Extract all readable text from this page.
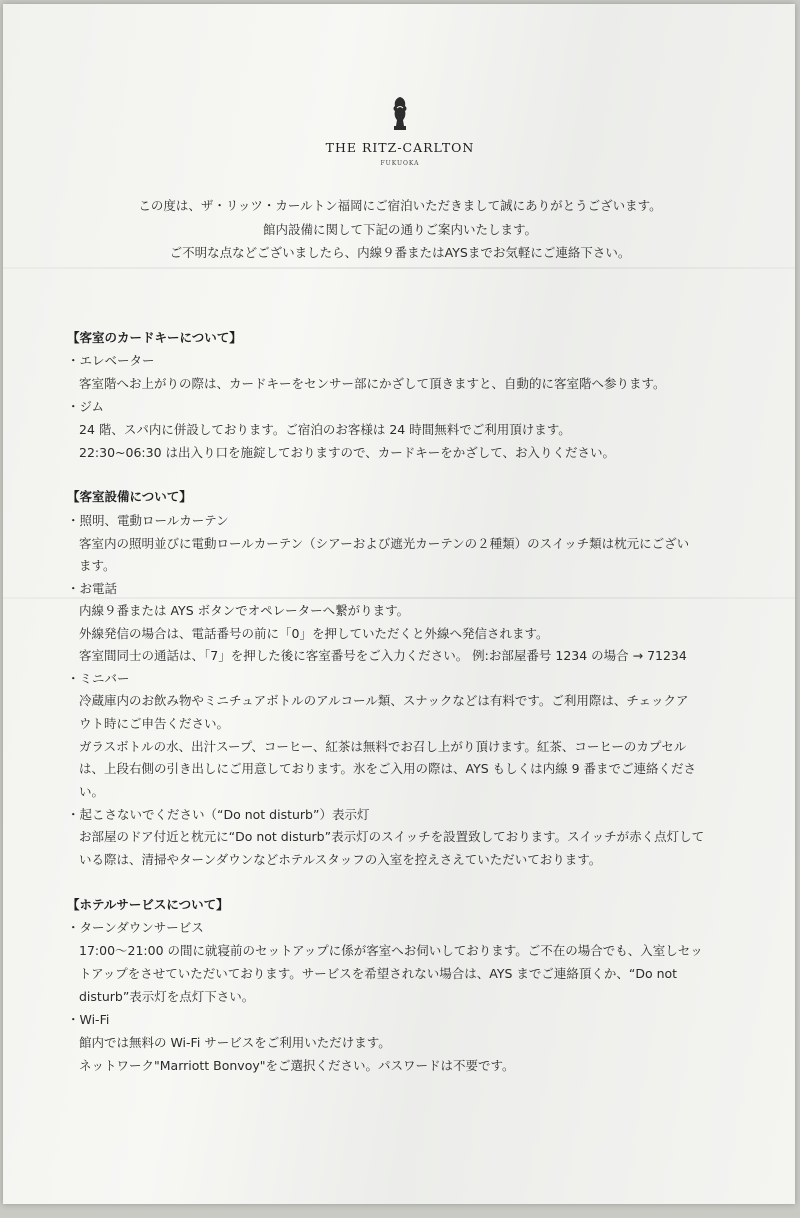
THE RITZ-CARLTON
FUKUOKA
この度は、ザ・リッツ・カールトン福岡にご宿泊いただきまして誠にありがとうございます。
館内設備に関して下記の通りご案内いたします。
ご不明な点などございましたら、内線９番またはAYSまでお気軽にご連絡下さい。
【客室のカードキーについて】
・エレベーター
客室階へお上がりの際は、カードキーをセンサー部にかざして頂きますと、自動的に客室階へ参ります。
・ジム
24 階、スパ内に併設しております。ご宿泊のお客様は 24 時間無料でご利用頂けます。
22:30~06:30 は出入り口を施錠しておりますので、カードキーをかざして、お入りください。
【客室設備について】
・照明、電動ロールカーテン
客室内の照明並びに電動ロールカーテン（シアーおよび遮光カーテンの２種類）のスイッチ類は枕元にござい
ます。
・お電話
内線９番または AYS ボタンでオペレーターへ繋がります。
外線発信の場合は、電話番号の前に「0」を押していただくと外線へ発信されます。
客室間同士の通話は、「7」を押した後に客室番号をご入力ください。 例:お部屋番号 1234 の場合 → 71234
・ミニバー
冷蔵庫内のお飲み物やミニチュアボトルのアルコール類、スナックなどは有料です。ご利用際は、チェックア
ウト時にご申告ください。
ガラスボトルの水、出汁スープ、コーヒー、紅茶は無料でお召し上がり頂けます。紅茶、コーヒーのカプセル
は、上段右側の引き出しにご用意しております。氷をご入用の際は、AYS もしくは内線 9 番までご連絡くださ
い。
・起こさないでください（“Do not disturb”）表示灯
お部屋のドア付近と枕元に“Do not disturb”表示灯のスイッチを設置致しております。スイッチが赤く点灯して
いる際は、清掃やターンダウンなどホテルスタッフの入室を控えさえていただいております。
【ホテルサービスについて】
・ターンダウンサービス
17:00～21:00 の間に就寝前のセットアップに係が客室へお伺いしております。ご不在の場合でも、入室しセッ
トアップをさせていただいております。サービスを希望されない場合は、AYS までご連絡頂くか、“Do not
disturb”表示灯を点灯下さい。
・Wi-Fi
館内では無料の Wi-Fi サービスをご利用いただけます。
ネットワーク"Marriott Bonvoy"をご選択ください。パスワードは不要です。
